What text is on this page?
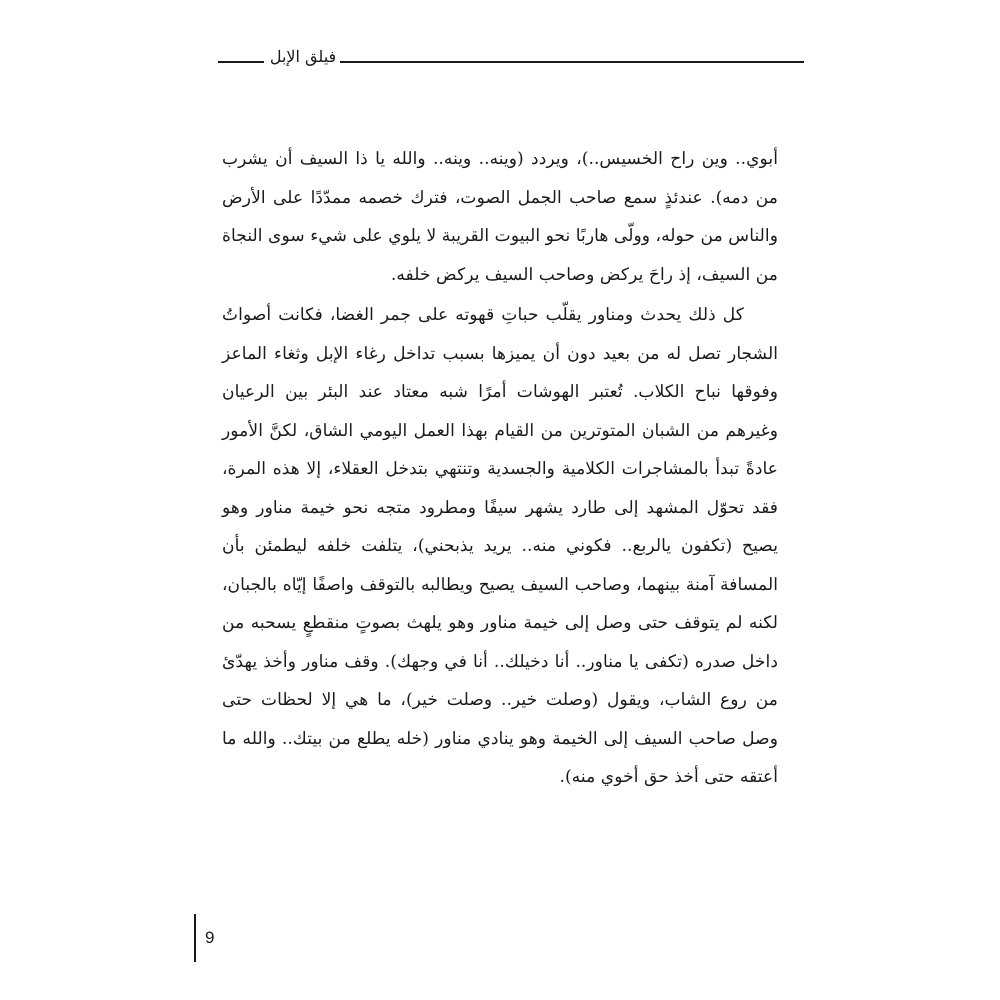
فيلق الإبل

أبوي.. وين راح الخسيس..)، ويردد (وينه.. وينه.. والله يا ذا السيف أن يشرب من دمه). عندئذٍ سمع صاحب الجمل الصوت، فترك خصمه ممدّدًا على الأرض والناس من حوله، وولّى هاربًا نحو البيوت القريبة لا يلوي على شيء سوى النجاة من السيف، إذ راحَ يركض وصاحب السيف يركض خلفه.

كل ذلك يحدث ومناور يقلّب حباتِ قهوته على جمر الغضا، فكانت أصواتُ الشجار تصل له من بعيد دون أن يميزها بسبب تداخل رغاء الإبل وثغاء الماعز وفوقها نباح الكلاب. تُعتبر الهوشات أمرًا شبه معتاد عند البئر بين الرعيان وغيرهم من الشبان المتوترين من القيام بهذا العمل اليومي الشاق، لكنَّ الأمور عادةً تبدأ بالمشاجرات الكلامية والجسدية وتنتهي بتدخل العقلاء، إلا هذه المرة، فقد تحوّل المشهد إلى طارد يشهر سيفًا ومطرود متجه نحو خيمة مناور وهو يصيح (تكفون يالربع.. فكوني منه.. يريد يذبحني)، يتلفت خلفه ليطمئن بأن المسافة آمنة بينهما، وصاحب السيف يصيح ويطالبه بالتوقف واصفًا إيّاه بالجبان، لكنه لم يتوقف حتى وصل إلى خيمة مناور وهو يلهث بصوتٍ منقطعٍ يسحبه من داخل صدره (تكفى يا مناور.. أنا دخيلك.. أنا في وجهك). وقف مناور وأخذ يهدّئ من روع الشاب، ويقول (وصلت خير.. وصلت خير)، ما هي إلا لحظات حتى وصل صاحب السيف إلى الخيمة وهو ينادي مناور (خله يطلع من بيتك.. والله ما أعتقه حتى أخذ حق أخوي منه).

9
